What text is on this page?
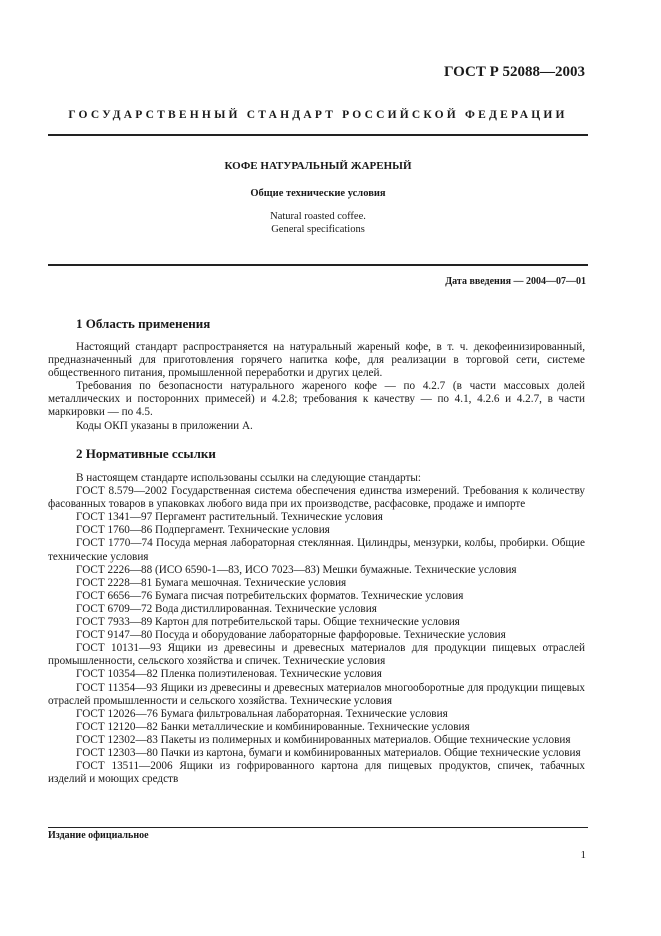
ГОСТ Р 52088—2003
ГОСУДАРСТВЕННЫЙ СТАНДАРТ РОССИЙСКОЙ ФЕДЕРАЦИИ
КОФЕ НАТУРАЛЬНЫЙ ЖАРЕНЫЙ
Общие технические условия
Natural roasted coffee.
General specifications
Дата введения — 2004—07—01
1 Область применения

Настоящий стандарт распространяется на натуральный жареный кофе, в т. ч. декофеинизированный, предназначенный для приготовления горячего напитка кофе, для реализации в торговой сети, системе общественного питания, промышленной переработки и других целей.

Требования по безопасности натурального жареного кофе — по 4.2.7 (в части массовых долей металлических и посторонних примесей) и 4.2.8; требования к качеству — по 4.1, 4.2.6 и 4.2.7, в части маркировки — по 4.5.

Коды ОКП указаны в приложении А.

2 Нормативные ссылки

В настоящем стандарте использованы ссылки на следующие стандарты:

ГОСТ 8.579—2002 Государственная система обеспечения единства измерений. Требования к количеству фасованных товаров в упаковках любого вида при их производстве, расфасовке, продаже и импорте

ГОСТ 1341—97 Пергамент растительный. Технические условия

ГОСТ 1760—86 Подпергамент. Технические условия

ГОСТ 1770—74 Посуда мерная лабораторная стеклянная. Цилиндры, мензурки, колбы, пробирки. Общие технические условия

ГОСТ 2226—88 (ИСО 6590-1—83, ИСО 7023—83) Мешки бумажные. Технические условия

ГОСТ 2228—81 Бумага мешочная. Технические условия

ГОСТ 6656—76 Бумага писчая потребительских форматов. Технические условия

ГОСТ 6709—72 Вода дистиллированная. Технические условия

ГОСТ 7933—89 Картон для потребительской тары. Общие технические условия

ГОСТ 9147—80 Посуда и оборудование лабораторные фарфоровые. Технические условия

ГОСТ 10131—93 Ящики из древесины и древесных материалов для продукции пищевых отраслей промышленности, сельского хозяйства и спичек. Технические условия

ГОСТ 10354—82 Пленка полиэтиленовая. Технические условия

ГОСТ 11354—93 Ящики из древесины и древесных материалов многооборотные для продукции пищевых отраслей промышленности и сельского хозяйства. Технические условия

ГОСТ 12026—76 Бумага фильтровальная лабораторная. Технические условия

ГОСТ 12120—82 Банки металлические и комбинированные. Технические условия

ГОСТ 12302—83 Пакеты из полимерных и комбинированных материалов. Общие технические условия

ГОСТ 12303—80 Пачки из картона, бумаги и комбинированных материалов. Общие технические условия

ГОСТ 13511—2006 Ящики из гофрированного картона для пищевых продуктов, спичек, табачных изделий и моющих средств

Издание официальное
1
